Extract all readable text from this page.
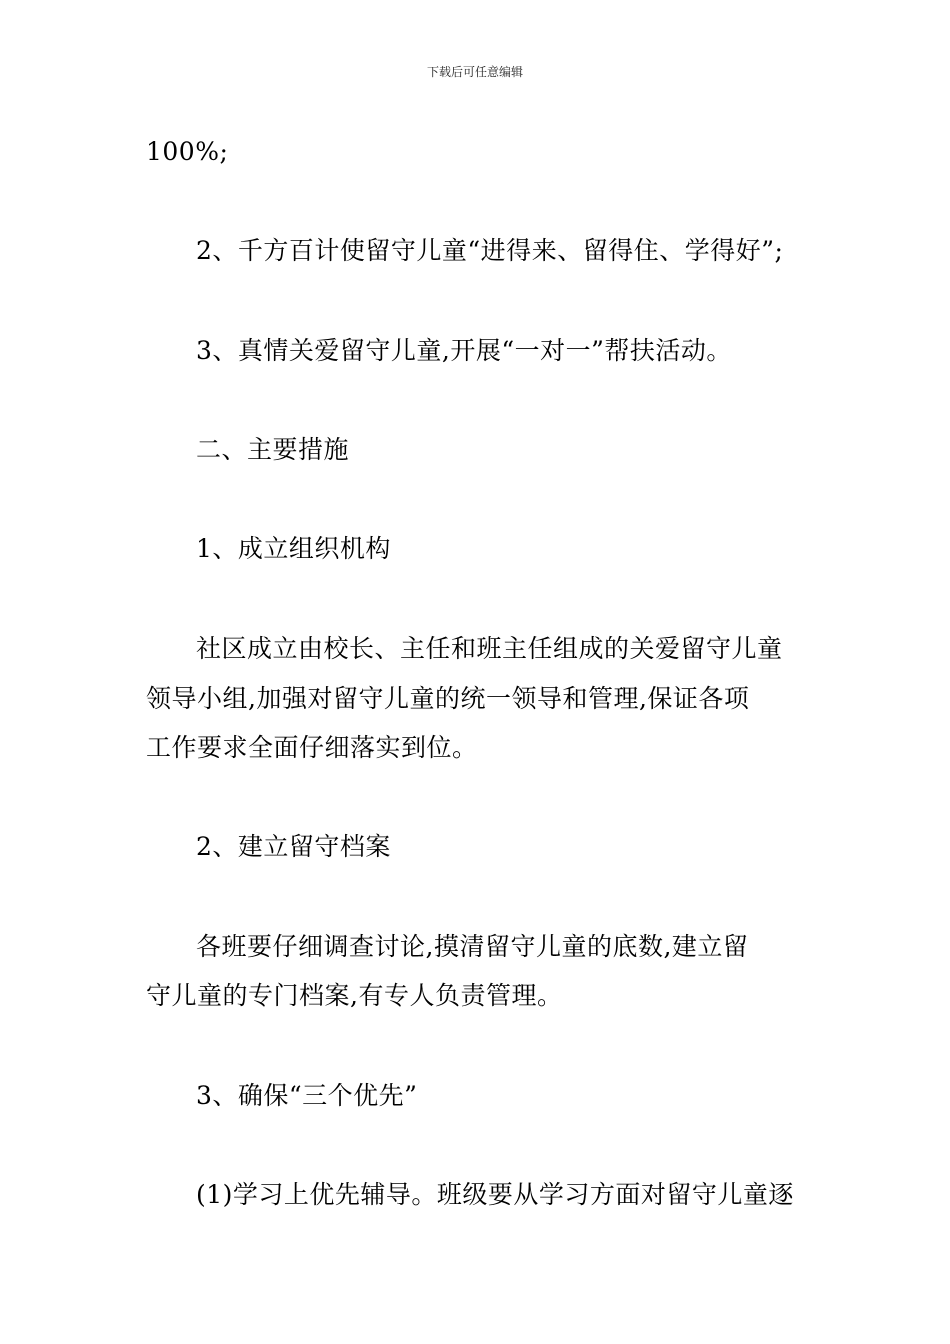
下载后可任意编辑
100%;
2、千方百计使留守儿童“进得来、留得住、学得好”;
3、真情关爱留守儿童,开展“一对一”帮扶活动。
二、主要措施
1、成立组织机构
社区成立由校长、主任和班主任组成的关爱留守儿童
领导小组,加强对留守儿童的统一领导和管理,保证各项
工作要求全面仔细落实到位。
2、建立留守档案
各班要仔细调查讨论,摸清留守儿童的底数,建立留
守儿童的专门档案,有专人负责管理。
3、确保“三个优先”
(1)学习上优先辅导。班级要从学习方面对留守儿童逐
